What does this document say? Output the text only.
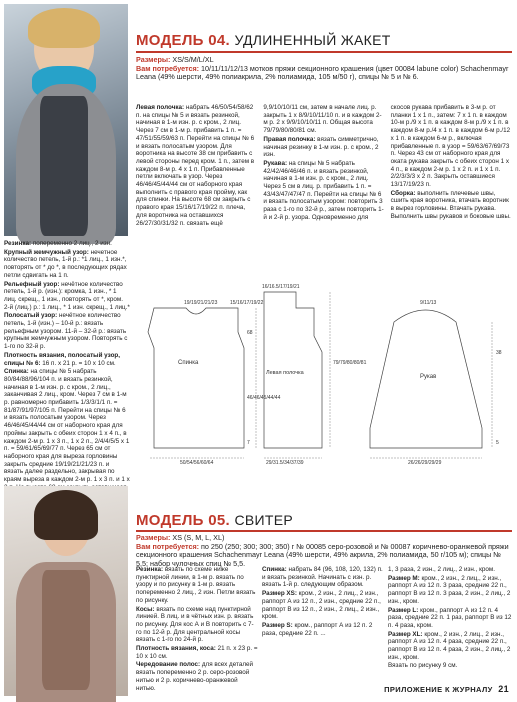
МОДЕЛЬ 04. УДЛИНЕННЫЙ ЖАКЕТ
Размеры: XS/S/M/L/XL
Вам потребуется: 10/11/11/12/13 мотков пряжи секционного крашения (цвет 00084 labune color) Schachenmayr Leana (49% шерсти, 49% полиакрила, 2% полиамида, 105 м/50 г), спицы № 5 и № 6.

Резинка: попеременно 2 лиц., 2 изн.

Крупный жемчужный узор: нечетное количество петель, 1-й р.: *1 лиц., 1 изн.*, повторять от * до *, в последующих рядах петли сдвигать на 1 п.

Рельефный узор: нечётное количество петель, 1-й р. (изн.): кромка, 1 изн., * 1 лиц. скрещ., 1 изн., повторять от *, кром. 2-й (лиц.) р.: 1 лиц., * 1 изн. скрещ., 1 лиц.*

Полосатый узор: нечётное количество петель, 1-й (изн.) – 10-й р.: вязать рельефным узором. 11-й – 32-й р.: вязать крупным жемчужным узором. Повторять с 1-го по 32-й р.

Плотность вязания, полосатый узор, спицы № 6: 16 п. х 21 р. = 10 х 10 см.

Спинка: на спицы № 5 набрать 80/84/88/96/104 п. и вязать резинкой, начиная в 1-м изн. р. с кром., 2 лиц., заканчивая 2 лиц., кром. Через 7 см в 1-м р. равномерно прибавить 1/3/3/1/1 п. = 81/87/91/97/105 п. Перейти на спицы № 6 и вязать полосатым узором. Через 46/46/45/44/44 см от наборного края для проймы закрыть с обеих сторон 1 х 4 п., в каждом 2-м р. 1 х 3 п., 1 х 2 п., 2/4/4/5/5 х 1 п. = 59/61/65/69/77 п. Через 65 см от наборного края для выреза горловины закрыть средние 19/19/21/21/23 п. и вязать далее раздельно, закрывая по краям выреза в каждом 2-м р. 1 х 3 п. и 1 х

Левая полочка: набрать 46/50/54/58/62 п. на спицы № 5 и вязать резинкой, начиная в 1-м изн. р. с кром., 2 лиц. Через 7 см в 1-м р. прибавить 1 п. = 47/51/55/59/63 п. Перейти на спицы № 6 и вязать полосатым узором. Для воротника на высоте 38 см прибавить с левой стороны перед кром. 1 п., затем в каждом 8-м р. 4 х 1 п. Прибавленные петли включать в узор. Через 46/46/45/44/44 см от наборного края выполнить с правого края пройму, как для спинки. На высоте 68 см закрыть с правого края 15/16/17/19/22 п. плеча, для воротника на оставшихся 26/27/30/31/32 п. связать ещё 9,9/10/10/11 см, затем в начале лиц. р. закрыть 1 х 8/9/10/11/10 п. и в каждом 2-м р. 2 х 9/9/10/10/11 п. Общая высота 79/79/80/80/81 см.

Правая полочка: вязать симметрично, начиная резинку в 1-м изн. р. с кром., 2 изн.

Рукава: на спицы № 5 набрать 42/42/46/46/46 п. и вязать резинкой, начиная в 1-м изн. р. с кром., 2 лиц. Через 5 см в лиц. р. прибавить 1 п. = 43/43/47/47/47 п. Перейти на спицы № 6 и вязать полосатым узором: повторить 3 раза с 1-го по 32-й р., затем повторить 1-й и 2-й р. узора. Одновременно для скосов рукава прибавить в 3-м р. от планки 1 х 1 п., затем: 7 х 1 п. в каждом 10-м р./9 х 1 п. в каждом 8-м р./9 х 1 п. в каждом 8-м р./4 х 1 п. в каждом 6-м р./12 х 1 п. в каждом 6-м р., включая прибавленные п. в узор = 59/63/67/69/73 п. Через 43 см от наборного края для оката рукава закрыть с обеих сторон 1 х 4 п., в каждом 2-м р. 1 х 2 п. и 1 х 1 п. 2/2/3/3/3 х 2 п. Закрыть оставшиеся 13/17/19/23 п.

Сборка: выполнить плечевые швы, сшить края воротника, втачать воротник в вырез горловины. Втачать рукава. Выполнить швы рукавов и боковые швы.

Спинка
Левая полочка
Рукав
19/19/21/21/23	15/16/17/19/22
50/54/56/60/64
16/16.5/17/19/21
29/31.5/34/37/39
9/11/13
26/26/29/29/29
68
46/46/45/44/44
79/79/80/80/81
38
7	5
МОДЕЛЬ 05. СВИТЕР
Размеры: XS (S, M, L, XL)
Вам потребуется: по 250 (250; 300; 300; 350) г № 00085 серо-розовой и № 00087 коричнево-оранжевой пряжи секционного крашения Schachenmayr Leana (49% шерсти, 49% акрила, 2% полиамида, 50 г/105 м); спицы № 5,5; набор чулочных спиц № 5,5.

Резинка: вязать по схеме ниже пунктирной линии, в 1-м р. вязать по узору и по рисунку в 1-м р. вязать попеременно 2 лиц., 2 изн. Петли вязать по рисунку.

Косы: вязать по схеме над пунктирной линией. В лиц. и в чётных изн. р. вязать по рисунку. Для кос А и В повторить с 7-го по 12-й р. Для центральной косы вязать с 1-го по 24-й р.

Плотность вязания, коса: 21 п. х 23 р. = 10 х 10 см.

Чередование полос: для всех деталей вязать попеременно 2 р. серо-розовой нитью и 2 р. коричнево-оранжевой нитью.

Спинка: набрать 84 (96, 108, 120, 132) п. и вязать резинкой. Начинать с изн. р. вязать 1-й р. следующим образом.

Размер XS: кром., 2 изн., 2 лиц., 2 изн., раппорт А из 12 п., 2 изн., средние 22 п., раппорт В из 12 п., 2 изн., 2 лиц., 2 изн., кром.

Размер S: кром., раппорт А из 12 п. 2 раза, средние 22 п. ...

1, 3 раза, 2 изн., 2 лиц., 2 изн., кром.

Размер М: кром., 2 изн., 2 лиц., 2 изн., раппорт А из 12 п. 3 раза, средние 22 п., раппорт В из 12 п. 3 раза, 2 изн., 2 лиц., 2 изн., кром.

Размер L: кром., раппорт А из 12 п. 4 раза, средние 22 п. 1 раз, раппорт В из 12 п. 4 раза, кром.

Размер XL: кром., 2 изн., 2 лиц., 2 изн., раппорт А из 12 п. 4 раза, средние 22 п., раппорт В из 12 п. 4 раза, 2 изн., 2 лиц., 2 изн., кром.

Вязать по рисунку 9 см.

ПРИЛОЖЕНИЕ К ЖУРНАЛУ 21
